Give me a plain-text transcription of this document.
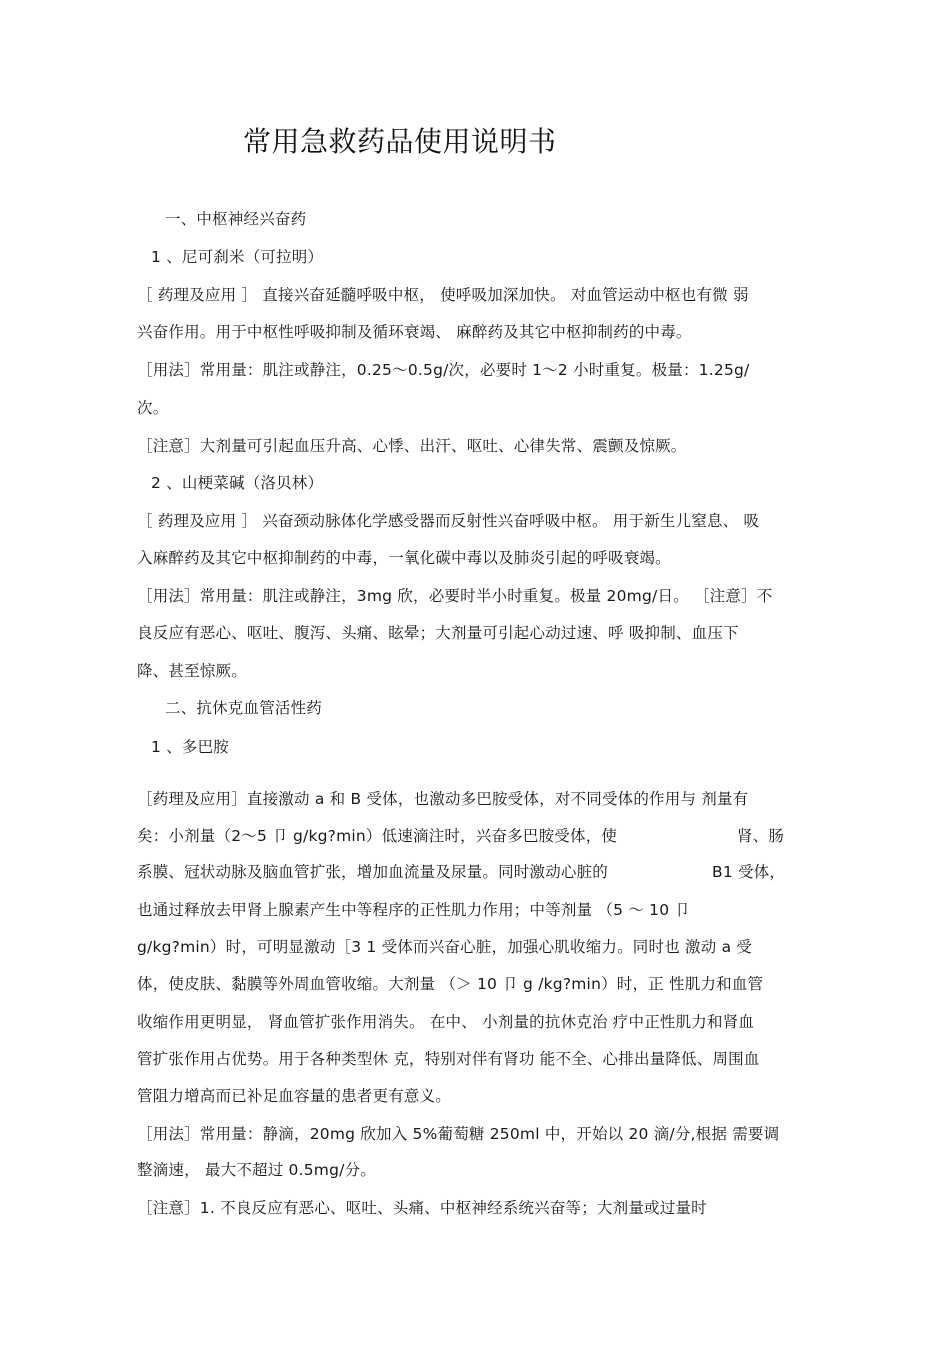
常用急救药品使用说明书
一、中枢神经兴奋药
1 、尼可刹米（可拉明）
［ 药理及应用 ］ 直接兴奋延髓呼吸中枢， 使呼吸加深加快。 对血管运动中枢也有微 弱
兴奋作用。用于中枢性呼吸抑制及循环衰竭、 麻醉药及其它中枢抑制药的中毒。
［用法］常用量：肌注或静注，0.25～0.5g/次，必要时 1～2 小时重复。极量：1.25g/
次。
［注意］大剂量可引起血压升高、心悸、出汗、呕吐、心律失常、震颤及惊厥。
2 、山梗菜碱（洛贝林）
［ 药理及应用 ］ 兴奋颈动脉体化学感受器而反射性兴奋呼吸中枢。 用于新生儿窒息、 吸
入麻醉药及其它中枢抑制药的中毒，一氧化碳中毒以及肺炎引起的呼吸衰竭。
［用法］常用量：肌注或静注，3mg 欣，必要时半小时重复。极量 20mg/日。 ［注意］不
良反应有恶心、呕吐、腹泻、头痛、眩晕；大剂量可引起心动过速、呼 吸抑制、血压下
降、甚至惊厥。
二、抗休克血管活性药
1 、多巴胺
［药理及应用］直接激动 a 和 B 受体，也激动多巴胺受体，对不同受体的作用与 剂量有
矣：小剂量（2～5 卩 g/kg?min）低速滴注时，兴奋多巴胺受体，使	肾、肠
系膜、冠状动脉及脑血管扩张，增加血流量及尿量。同时激动心脏的	B1 受体，
也通过释放去甲肾上腺素产生中等程序的正性肌力作用；中等剂量 （5 ～ 10 卩
g/kg?min）时，可明显激动［3 1 受体而兴奋心脏，加强心肌收缩力。同时也 激动 a 受
体，使皮肤、黏膜等外周血管收缩。大剂量 （＞ 10 卩 g /kg?min）时，正 性肌力和血管
收缩作用更明显， 肾血管扩张作用消失。 在中、 小剂量的抗休克治 疗中正性肌力和肾血
管扩张作用占优势。用于各种类型休 克，特别对伴有肾功 能不全、心排出量降低、周围血
管阻力增高而已补足血容量的患者更有意义。
［用法］常用量：静滴，20mg 欣加入 5%葡萄糖 250ml 中，开始以 20 滴/分,根据 需要调
整滴速， 最大不超过 0.5mg/分。
［注意］1. 不良反应有恶心、呕吐、头痛、中枢神经系统兴奋等；大剂量或过量时
